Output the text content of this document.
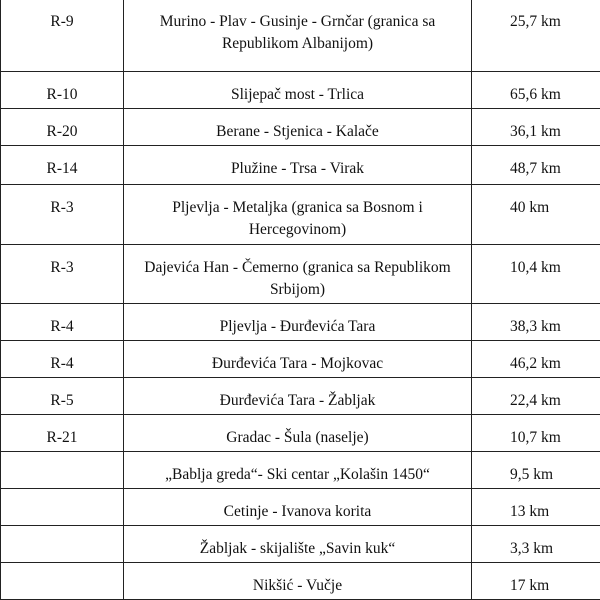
R-9	Murino - Plav - Gusinje - Grnčar (granica sa Republikom Albanijom)	25,7 km
R-10	Slijepač most - Trlica	65,6 km
R-20	Berane - Stjenica - Kalače	36,1 km
R-14	Plužine - Trsa - Virak	48,7 km
R-3	Pljevlja - Metaljka (granica sa Bosnom i Hercegovinom)	40 km
R-3	Dajevića Han - Čemerno (granica sa Republikom Srbijom)	10,4 km
R-4	Pljevlja - Đurđevića Tara	38,3 km
R-4	Đurđevića Tara - Mojkovac	46,2 km
R-5	Đurđevića Tara - Žabljak	22,4 km
R-21	Gradac - Šula (naselje)	10,7 km
	„Bablja greda“- Ski centar „Kolašin 1450“	9,5 km
	Cetinje - Ivanova korita	13 km
	Žabljak - skijalište „Savin kuk“	3,3 km
	Nikšić - Vučje	17 km
